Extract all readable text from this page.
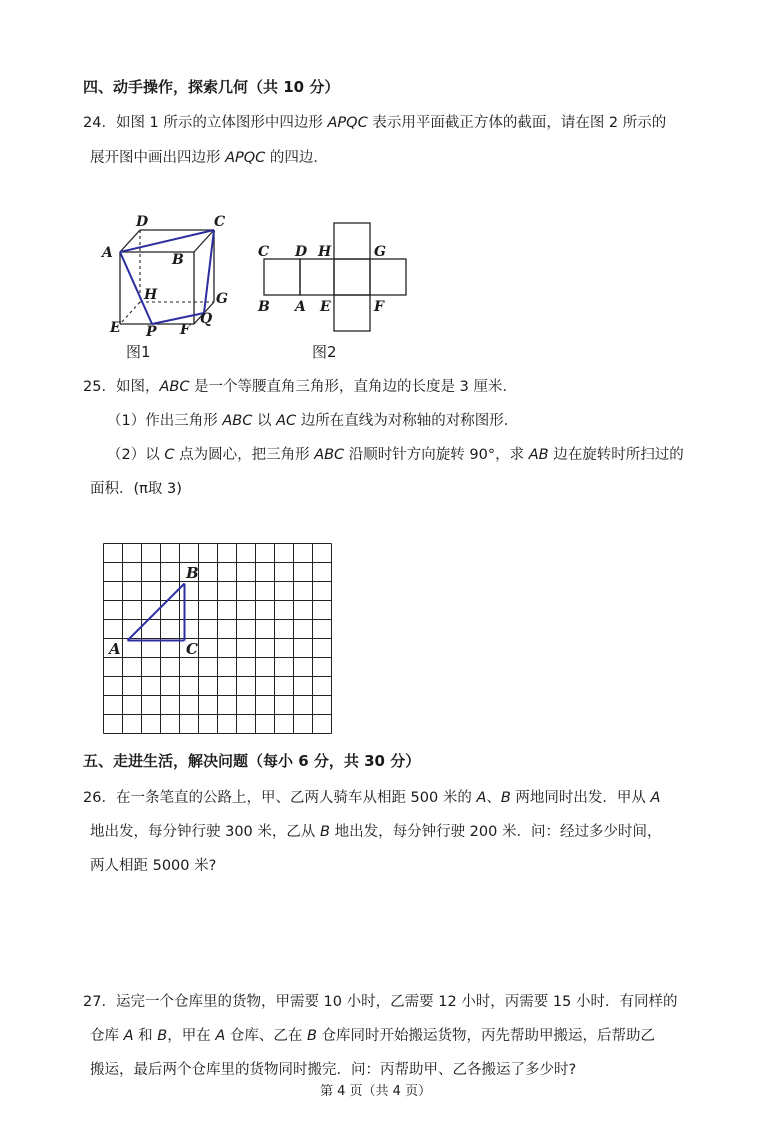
四、动手操作，探索几何（共 10 分）
24．如图 1 所示的立体图形中四边形 APQC 表示用平面截正方体的截面，请在图 2 所示的
展开图中画出四边形 APQC 的四边．
D	C
A	B
H	G
Q
E P F
图1
C D H	G
B A E	F
图2
25．如图，ABC 是一个等腰直角三角形，直角边的长度是 3 厘米．
（1）作出三角形 ABC 以 AC 边所在直线为对称轴的对称图形．
（2）以 C 点为圆心，把三角形 ABC 沿顺时针方向旋转 90°，求 AB 边在旋转时所扫过的
面积．(π取 3)
B
A	C
五、走进生活，解决问题（每小 6 分，共 30 分）
26．在一条笔直的公路上，甲、乙两人骑车从相距 500 米的 A、B 两地同时出发．甲从 A
地出发，每分钟行驶 300 米，乙从 B 地出发，每分钟行驶 200 米．问：经过多少时间，
两人相距 5000 米?
27．运完一个仓库里的货物，甲需要 10 小时，乙需要 12 小时，丙需要 15 小时．有同样的
仓库 A 和 B，甲在 A 仓库、乙在 B 仓库同时开始搬运货物，丙先帮助甲搬运，后帮助乙
搬运，最后两个仓库里的货物同时搬完．问：丙帮助甲、乙各搬运了多少时?
第 4 页（共 4 页）
